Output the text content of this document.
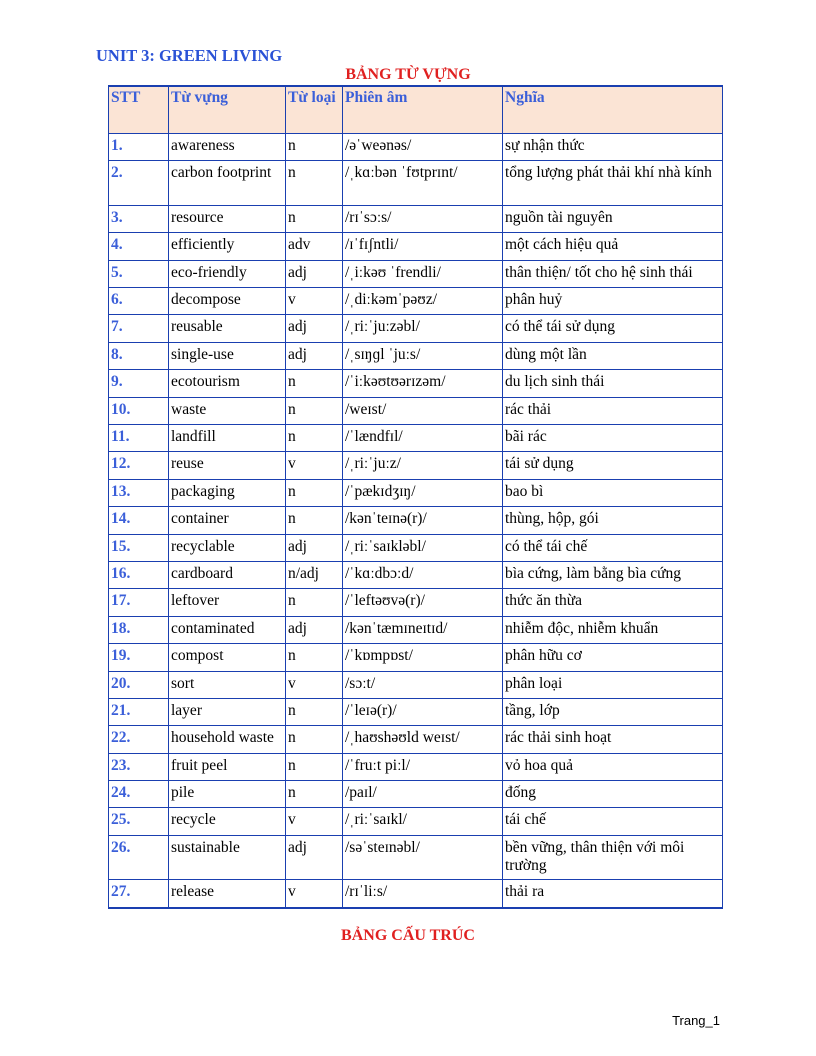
UNIT 3: GREEN LIVING
BẢNG TỪ VỰNG
STT	Từ vựng	Từ loại	Phiên âm	Nghĩa
1.	awareness	n	/əˈweənəs/	sự nhận thức
2.	carbon footprint	n	/ˌkɑːbən ˈfʊtprɪnt/	tổng lượng phát thải khí nhà kính
3.	resource	n	/rɪˈsɔːs/	nguồn tài nguyên
4.	efficiently	adv	/ɪˈfɪʃntli/	một cách hiệu quả
5.	eco-friendly	adj	/ˌiːkəʊ ˈfrendli/	thân thiện/ tốt cho hệ sinh thái
6.	decompose	v	/ˌdiːkəmˈpəʊz/	phân huỷ
7.	reusable	adj	/ˌriːˈjuːzəbl/	có thể tái sử dụng
8.	single-use	adj	/ˌsɪŋɡl ˈjuːs/	dùng một lần
9.	ecotourism	n	/ˈiːkəʊtʊərɪzəm/	du lịch sinh thái
10.	waste	n	/weɪst/	rác thải
11.	landfill	n	/ˈlændfɪl/	bãi rác
12.	reuse	v	/ˌriːˈjuːz/	tái sử dụng
13.	packaging	n	/ˈpækɪdʒɪŋ/	bao bì
14.	container	n	/kənˈteɪnə(r)/	thùng, hộp, gói
15.	recyclable	adj	/ˌriːˈsaɪkləbl/	có thể tái chế
16.	cardboard	n/adj	/ˈkɑːdbɔːd/	bìa cứng, làm bằng bìa cứng
17.	leftover	n	/ˈleftəʊvə(r)/	thức ăn thừa
18.	contaminated	adj	/kənˈtæmɪneɪtɪd/	nhiễm độc, nhiễm khuẩn
19.	compost	n	/ˈkɒmpɒst/	phân hữu cơ
20.	sort	v	/sɔːt/	phân loại
21.	layer	n	/ˈleɪə(r)/	tầng, lớp
22.	household waste	n	/ˌhaʊshəʊld weɪst/	rác thải sinh hoạt
23.	fruit peel	n	/ˈfruːt piːl/	vỏ hoa quả
24.	pile	n	/paɪl/	đống
25.	recycle	v	/ˌriːˈsaɪkl/	tái chế
26.	sustainable	adj	/səˈsteɪnəbl/	bền vững, thân thiện với môi trường
27.	release	v	/rɪˈliːs/	thải ra
BẢNG CẤU TRÚC
Trang_1
